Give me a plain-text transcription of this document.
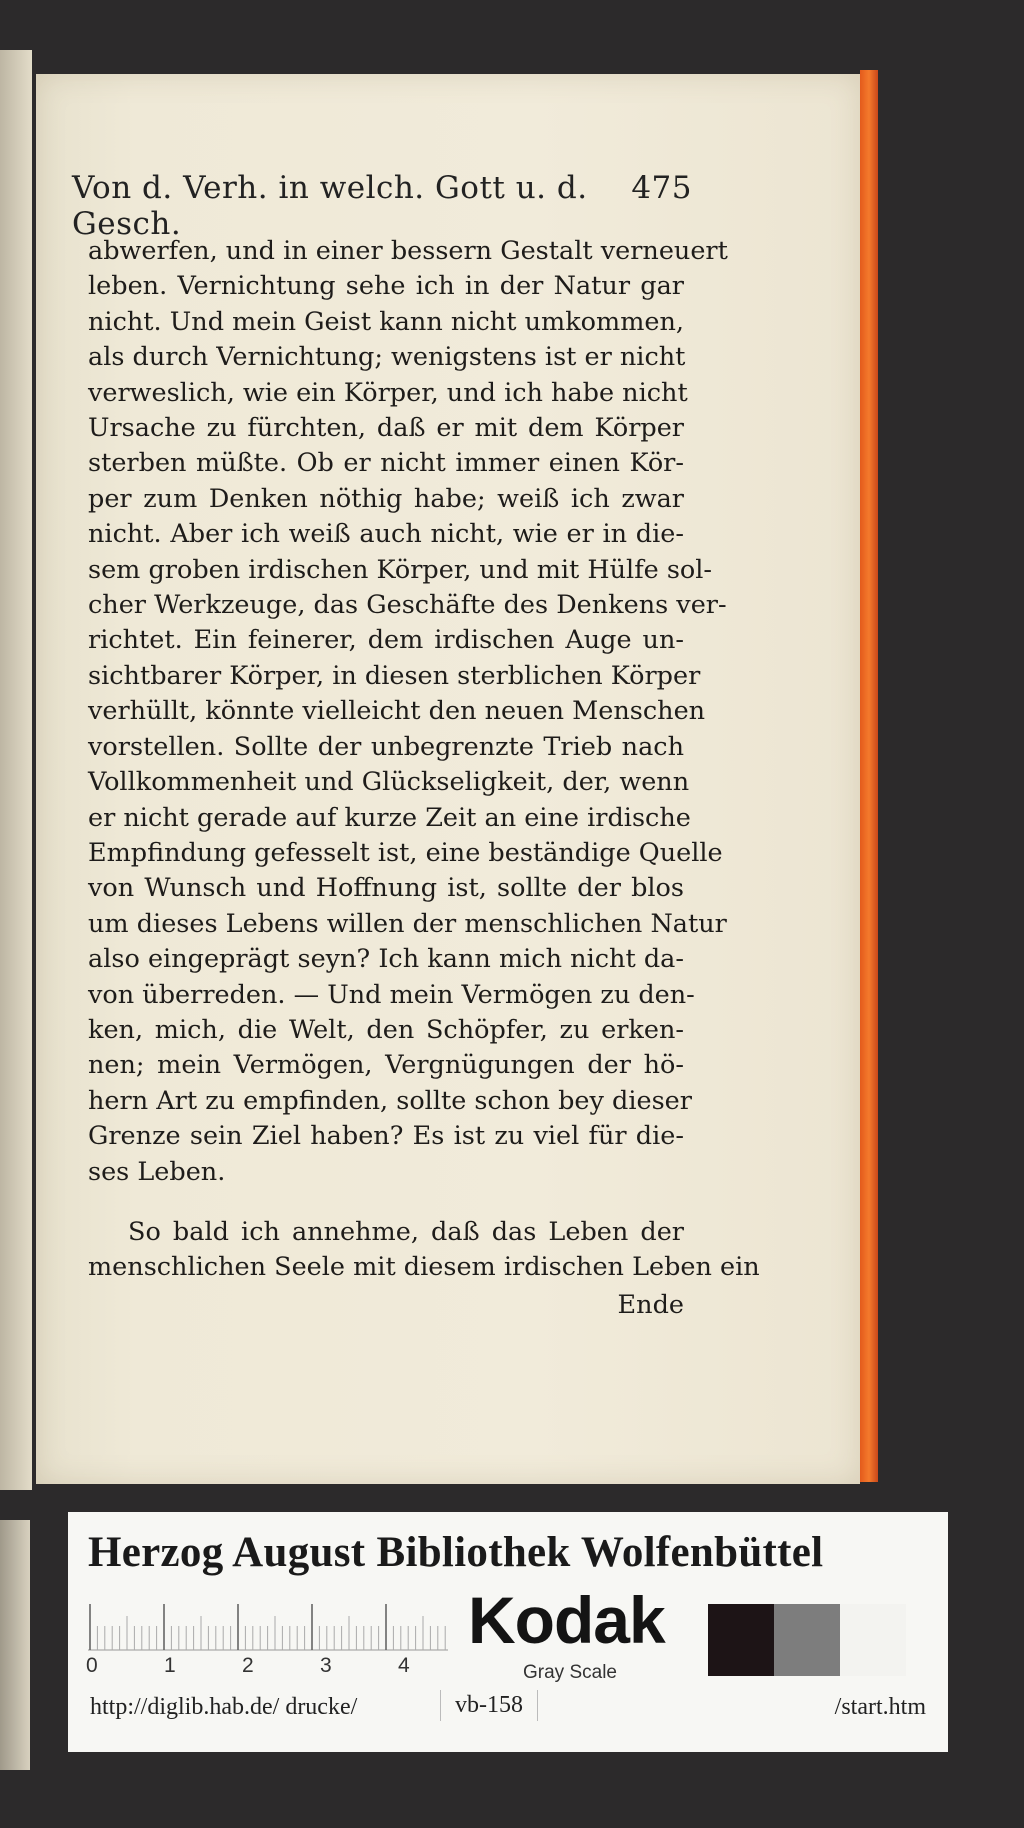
Von d. Verh. in welch. Gott u. d. Gesch.
475
abwerfen, und in einer bessern Gestalt verneuert
leben. Vernichtung sehe ich in der Natur gar
nicht. Und mein Geist kann nicht umkommen,
als durch Vernichtung; wenigstens ist er nicht
verweslich, wie ein Körper, und ich habe nicht
Ursache zu fürchten, daß er mit dem Körper
sterben müßte. Ob er nicht immer einen Kör-
per zum Denken nöthig habe; weiß ich zwar
nicht. Aber ich weiß auch nicht, wie er in die-
sem groben irdischen Körper, und mit Hülfe sol-
cher Werkzeuge, das Geschäfte des Denkens ver-
richtet. Ein feinerer, dem irdischen Auge un-
sichtbarer Körper, in diesen sterblichen Körper
verhüllt, könnte vielleicht den neuen Menschen
vorstellen. Sollte der unbegrenzte Trieb nach
Vollkommenheit und Glückseligkeit, der, wenn
er nicht gerade auf kurze Zeit an eine irdische
Empfindung gefesselt ist, eine beständige Quelle
von Wunsch und Hoffnung ist, sollte der blos
um dieses Lebens willen der menschlichen Natur
also eingeprägt seyn? Ich kann mich nicht da-
von überreden. — Und mein Vermögen zu den-
ken, mich, die Welt, den Schöpfer, zu erken-
nen; mein Vermögen, Vergnügungen der hö-
hern Art zu empfinden, sollte schon bey dieser
Grenze sein Ziel haben? Es ist zu viel für die-
ses Leben.
So bald ich annehme, daß das Leben der
menschlichen Seele mit diesem irdischen Leben ein
Ende
Herzog August Bibliothek Wolfenbüttel
0	1	2	3	4
Kodak
Gray Scale
http://diglib.hab.de/ drucke/	vb-158	/start.htm
